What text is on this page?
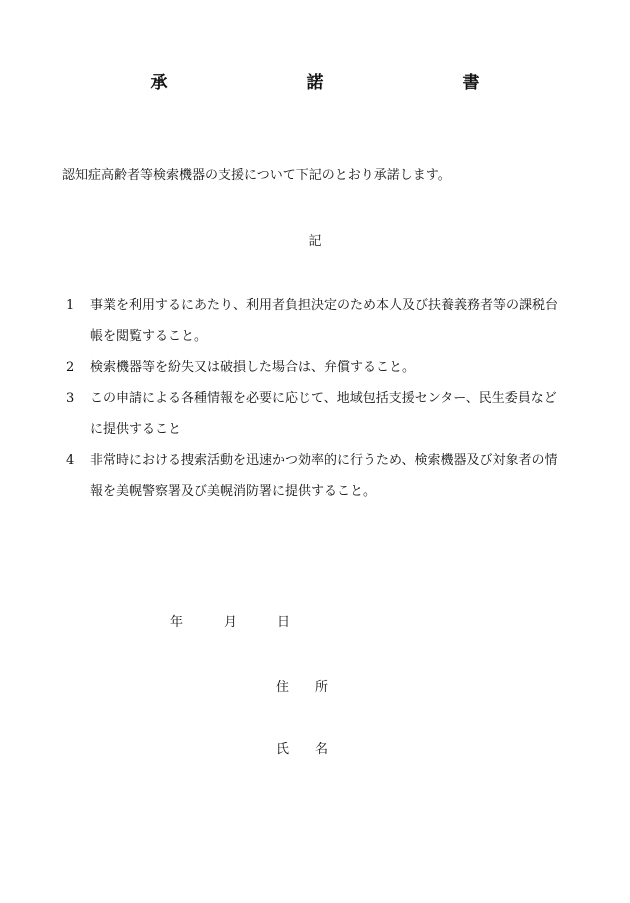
承	諾	書
認知症高齢者等検索機器の支援について下記のとおり承諾します。
記
1	事業を利用するにあたり、利用者負担決定のため本人及び扶養義務者等の課税台
帳を閲覧すること。
2	検索機器等を紛失又は破損した場合は、弁償すること。
3	この申請による各種情報を必要に応じて、地域包括支援センター、民生委員など
に提供すること
4	非常時における捜索活動を迅速かつ効率的に行うため、検索機器及び対象者の情
報を美幌警察署及び美幌消防署に提供すること。
年	月	日
住 所
氏 名
